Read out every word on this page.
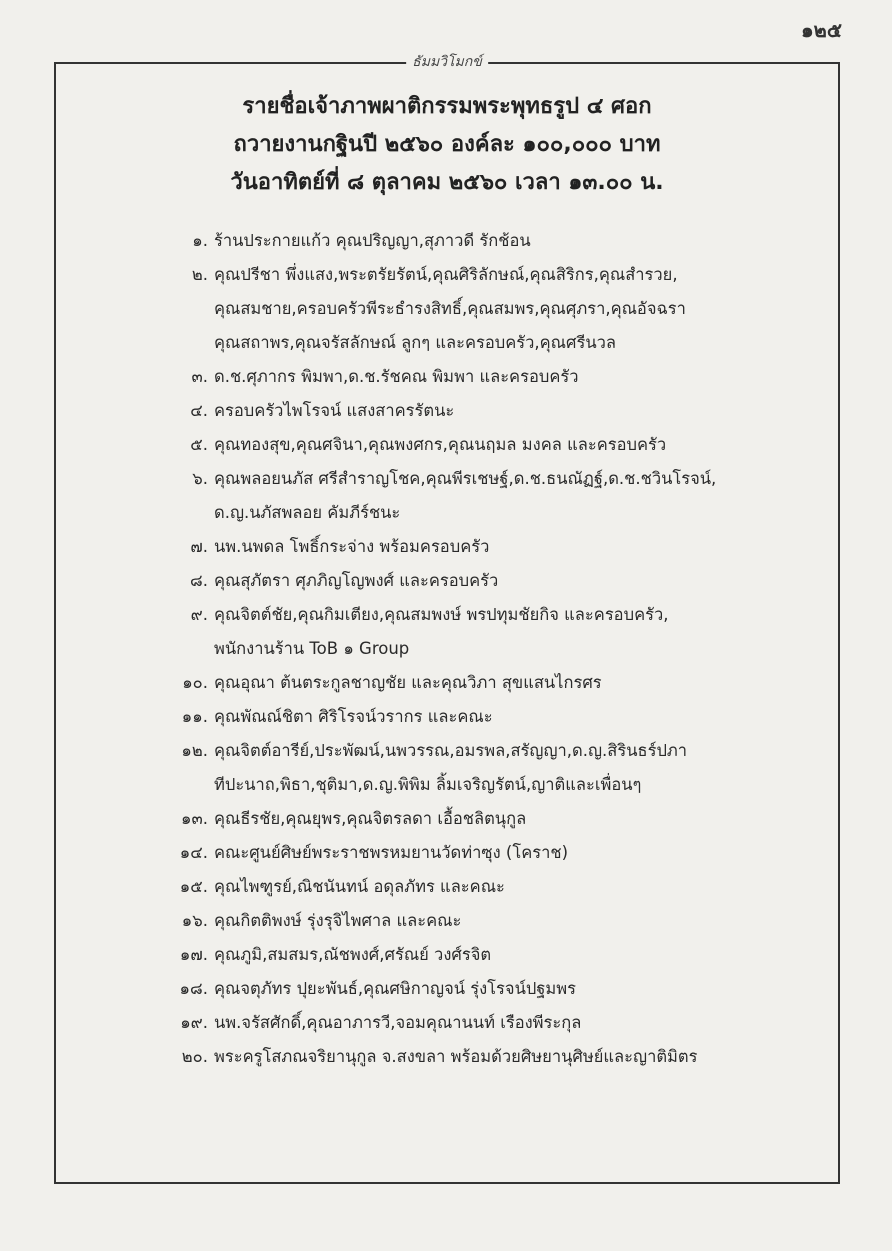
๑๒๕
ธัมมวิโมกข์
รายชื่อเจ้าภาพผาติกรรมพระพุทธรูป ๔ ศอก
ถวายงานกฐินปี ๒๕๖๐ องค์ละ ๑๐๐,๐๐๐ บาท
วันอาทิตย์ที่ ๘ ตุลาคม ๒๕๖๐ เวลา ๑๓.๐๐ น.
๑. ร้านประกายแก้ว คุณปริญญา,สุภาวดี รักช้อน
๒. คุณปรีชา พึ่งแสง,พระตรัยรัตน์,คุณศิริลักษณ์,คุณสิริกร,คุณสำรวย,
คุณสมชาย,ครอบครัวพีระธำรงสิทธิ์,คุณสมพร,คุณศุภรา,คุณอัจฉรา
คุณสถาพร,คุณจรัสลักษณ์ ลูกๆ และครอบครัว,คุณศรีนวล
๓. ด.ช.ศุภากร พิมพา,ด.ช.รัชคณ พิมพา และครอบครัว
๔. ครอบครัวไพโรจน์ แสงสาครรัตนะ
๕. คุณทองสุข,คุณศจินา,คุณพงศกร,คุณนฤมล มงคล และครอบครัว
๖. คุณพลอยนภัส ศรีสำราญโชค,คุณพีรเชษฐ์,ด.ช.ธนณัฏฐ์,ด.ช.ชวินโรจน์,
ด.ญ.นภัสพลอย คัมภีร์ชนะ
๗. นพ.นพดล โพธิ์กระจ่าง พร้อมครอบครัว
๘. คุณสุภัตรา ศุภภิญโญพงศ์ และครอบครัว
๙. คุณจิตต์ชัย,คุณกิมเตียง,คุณสมพงษ์ พรปทุมชัยกิจ และครอบครัว,
พนักงานร้าน ToB ๑ Group
๑๐. คุณอุณา ต้นตระกูลชาญชัย และคุณวิภา สุขแสนไกรศร
๑๑. คุณพัณณ์ชิตา ศิริโรจน์วรากร และคณะ
๑๒. คุณจิตต์อารีย์,ประพัฒน์,นพวรรณ,อมรพล,สรัญญา,ด.ญ.สิรินธร์ปภา
ทีปะนาถ,พิธา,ชุติมา,ด.ญ.พิพิม ลิ้มเจริญรัตน์,ญาติและเพื่อนๆ
๑๓. คุณธีรชัย,คุณยุพร,คุณจิตรลดา เอื้อชลิตนุกูล
๑๔. คณะศูนย์ศิษย์พระราชพรหมยานวัดท่าซุง (โคราช)
๑๕. คุณไพฑูรย์,ณิชนันทน์ อดุลภัทร และคณะ
๑๖. คุณกิตติพงษ์ รุ่งรุจิไพศาล และคณะ
๑๗. คุณภูมิ,สมสมร,ณัชพงศ์,ศรัณย์ วงศ์รจิต
๑๘. คุณจตุภัทร ปุยะพันธ์,คุณศษิกาญจน์ รุ่งโรจน์ปฐมพร
๑๙. นพ.จรัสศักดิ์,คุณอาภารวี,จอมคุณานนท์ เรืองพีระกุล
๒๐. พระครูโสภณจริยานุกูล จ.สงขลา พร้อมด้วยศิษยานุศิษย์และญาติมิตร
